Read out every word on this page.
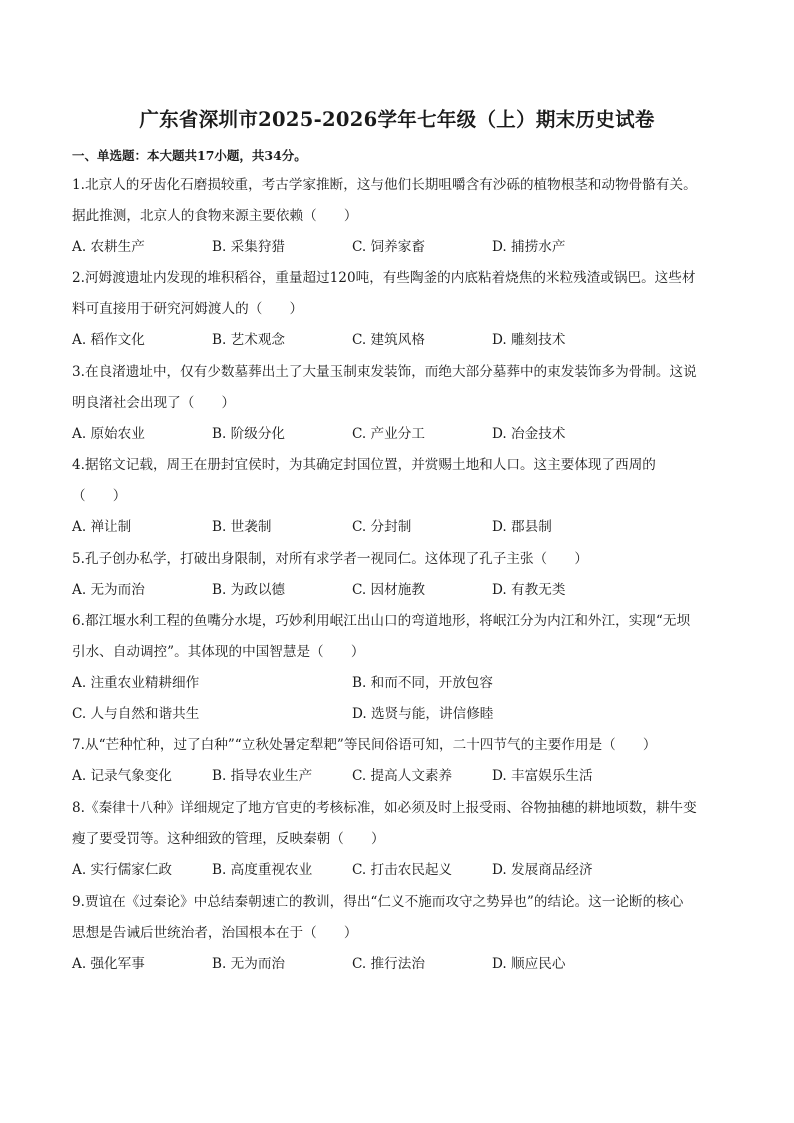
广东省深圳市2025-2026学年七年级（上）期末历史试卷
一、单选题：本大题共17小题，共34分。
1.北京人的牙齿化石磨损较重，考古学家推断，这与他们长期咀嚼含有沙砾的植物根茎和动物骨骼有关。
据此推测，北京人的食物来源主要依赖（　　）
A. 农耕生产	B. 采集狩猎	C. 饲养家畜	D. 捕捞水产
2.河姆渡遗址内发现的堆积稻谷，重量超过120吨，有些陶釜的内底粘着烧焦的米粒残渣或锅巴。这些材
料可直接用于研究河姆渡人的（　　）
A. 稻作文化	B. 艺术观念	C. 建筑风格	D. 雕刻技术
3.在良渚遗址中，仅有少数墓葬出土了大量玉制束发装饰，而绝大部分墓葬中的束发装饰多为骨制。这说
明良渚社会出现了（　　）
A. 原始农业	B. 阶级分化	C. 产业分工	D. 冶金技术
4.据铭文记载，周王在册封宜侯时，为其确定封国位置，并赏赐土地和人口。这主要体现了西周的
（　　）
A. 禅让制	B. 世袭制	C. 分封制	D. 郡县制
5.孔子创办私学，打破出身限制，对所有求学者一视同仁。这体现了孔子主张（　　）
A. 无为而治	B. 为政以德	C. 因材施教	D. 有教无类
6.都江堰水利工程的鱼嘴分水堤，巧妙利用岷江出山口的弯道地形，将岷江分为内江和外江，实现“无坝
引水、自动调控”。其体现的中国智慧是（　　）
A. 注重农业精耕细作	B. 和而不同，开放包容
C. 人与自然和谐共生	D. 选贤与能，讲信修睦
7.从“芒种忙种，过了白种”“立秋处暑定犁耙”等民间俗语可知，二十四节气的主要作用是（　　）
A. 记录气象变化	B. 指导农业生产	C. 提高人文素养	D. 丰富娱乐生活
8.《秦律十八种》详细规定了地方官吏的考核标准，如必须及时上报受雨、谷物抽穗的耕地顷数，耕牛变
瘦了要受罚等。这种细致的管理，反映秦朝（　　）
A. 实行儒家仁政	B. 高度重视农业	C. 打击农民起义	D. 发展商品经济
9.贾谊在《过秦论》中总结秦朝速亡的教训，得出“仁义不施而攻守之势异也”的结论。这一论断的核心
思想是告诫后世统治者，治国根本在于（　　）
A. 强化军事	B. 无为而治	C. 推行法治	D. 顺应民心
